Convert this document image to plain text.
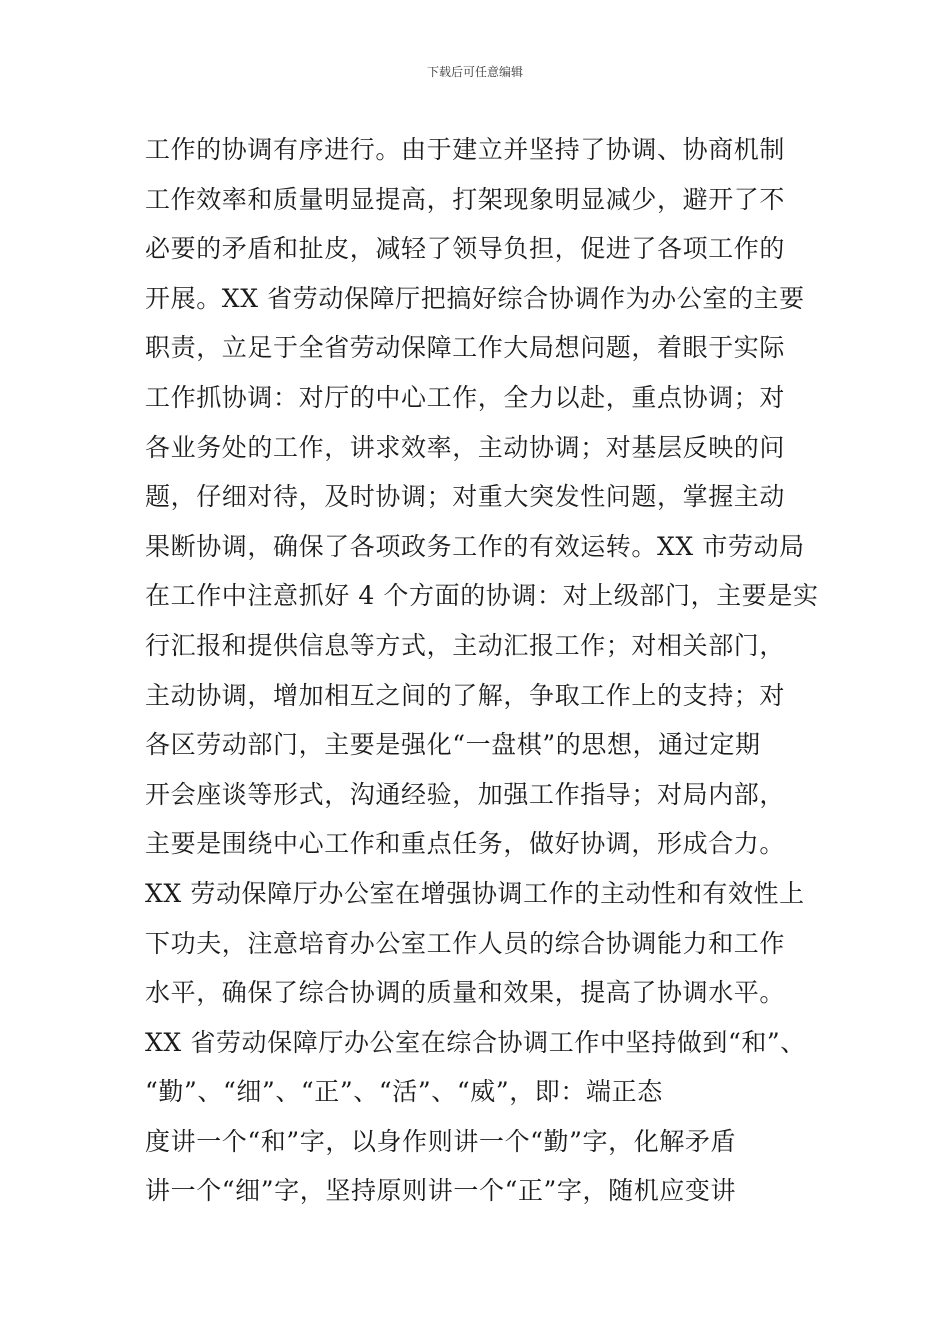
下载后可任意编辑
工作的协调有序进行。由于建立并坚持了协调、协商机制
工作效率和质量明显提高，打架现象明显减少，避开了不
必要的矛盾和扯皮，减轻了领导负担，促进了各项工作的
开展。XX 省劳动保障厅把搞好综合协调作为办公室的主要
职责，立足于全省劳动保障工作大局想问题，着眼于实际
工作抓协调：对厅的中心工作，全力以赴，重点协调；对
各业务处的工作，讲求效率，主动协调；对基层反映的问
题，仔细对待，及时协调；对重大突发性问题，掌握主动
果断协调，确保了各项政务工作的有效运转。XX 市劳动局
在工作中注意抓好 4 个方面的协调：对上级部门，主要是实
行汇报和提供信息等方式，主动汇报工作；对相关部门，
主动协调，增加相互之间的了解，争取工作上的支持；对
各区劳动部门，主要是强化“一盘棋”的思想，通过定期
开会座谈等形式，沟通经验，加强工作指导；对局内部，
主要是围绕中心工作和重点任务，做好协调，形成合力。
XX 劳动保障厅办公室在增强协调工作的主动性和有效性上
下功夫，注意培育办公室工作人员的综合协调能力和工作
水平，确保了综合协调的质量和效果，提高了协调水平。
XX 省劳动保障厅办公室在综合协调工作中坚持做到“和”、
“勤”、“细”、“正”、“活”、“威”，即：端正态
度讲一个“和”字，以身作则讲一个“勤”字，化解矛盾
讲一个“细”字，坚持原则讲一个“正”字，随机应变讲
